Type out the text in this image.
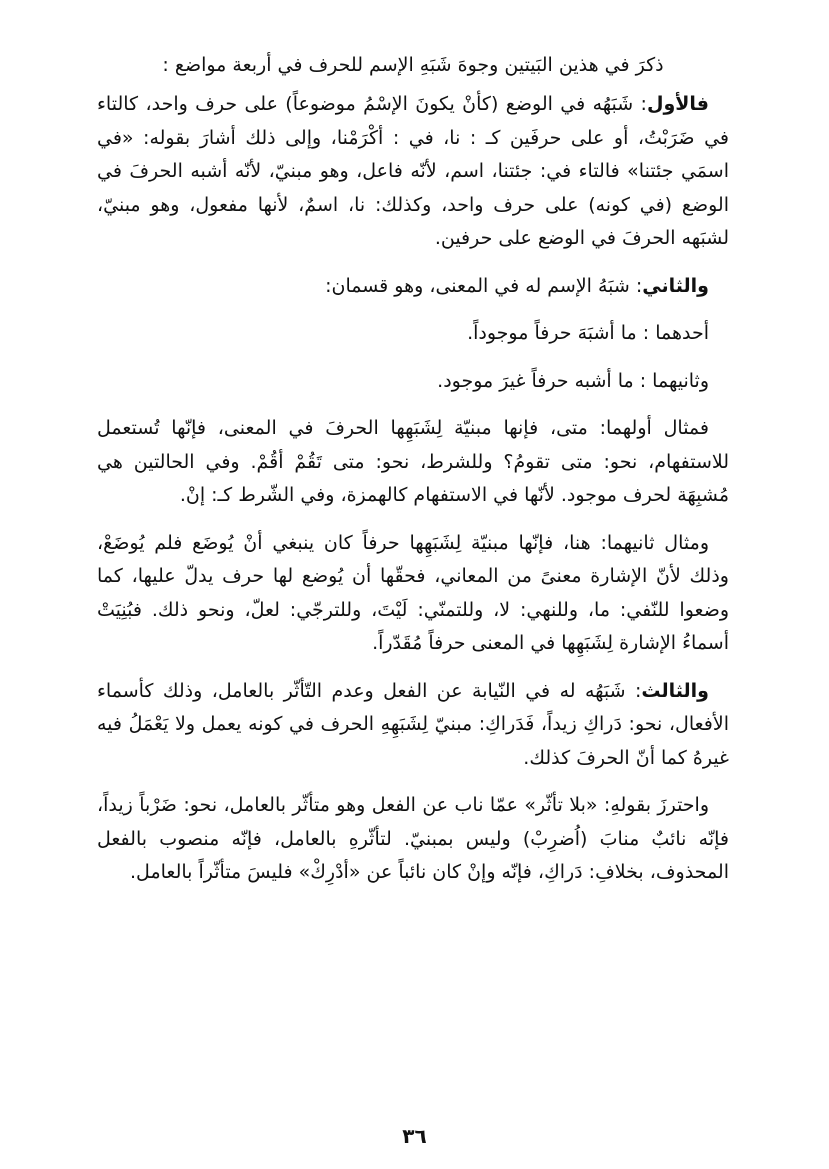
ذكرَ في هذين البَيتين وجوهَ شَبَهِ الإسم للحرف في أربعة مواضع :

فالأول: شَبَهُه في الوضع (كأنْ يكونَ الإسْمُ موضوعاً) على حرف واحد، كالتاء في ضَرَبْتُ، أو على حرفَين كـ : نا، في : أكْرَمْنا، وإلى ذلك أشارَ بقوله: «في اسمَي جئتنا» فالتاء في: جئتنا، اسم، لأنّه فاعل، وهو مبنيّ، لأنّه أشبه الحرفَ في الوضع (في كونه) على حرف واحد، وكذلك: نا، اسمٌ، لأنها مفعول، وهو مبنيّ، لشبَهه الحرفَ في الوضع على حرفين.

والثاني: شبَهُ الإسم له في المعنى، وهو قسمان:

أحدهما : ما أشبَهَ حرفاً موجوداً.

وثانيهما : ما أشبه حرفاً غيرَ موجود.

فمثال أولهما: متى، فإنها مبنيّة لِشَبَهِها الحرفَ في المعنى، فإنّها تُستعمل للاستفهام، نحو: متى تقومُ؟ وللشرط، نحو: متى تَقُمْ أقُمْ. وفي الحالتين هي مُشبِهَة لحرف موجود. لأنّها في الاستفهام كالهمزة، وفي الشّرط كـ: إنْ.

ومثال ثانيهما: هنا، فإنّها مبنيّة لِشَبَهِها حرفاً كان ينبغي أنْ يُوضَع فلم يُوضَعْ، وذلك لأنّ الإشارة معنىً من المعاني، فحقّها أن يُوضع لها حرف يدلّ عليها، كما وضعوا للنّفي: ما، وللنهي: لا، وللتمنّي: لَيْتَ، وللترجّي: لعلّ، ونحو ذلك. فبُنِيَتْ أسماءُ الإشارة لِشَبَهِها في المعنى حرفاً مُقَدّراً.

والثالث: شَبَهُه له في النّيابة عن الفعل وعدم التّأثّر بالعامل، وذلك كأسماء الأفعال، نحو: دَراكِ زيداً، فَدَراكِ: مبنيّ لِشَبَهِهِ الحرف في كونه يعمل ولا يَعْمَلُ فيه غيرهُ كما أنّ الحرفَ كذلك.

واحترزَ بقولهِ: «بلا تأثّر» عمّا ناب عن الفعل وهو متأثّر بالعامل، نحو: ضَرْباً زيداً، فإنّه نائبٌ منابَ (اُضرِبْ) وليس بمبنيّ. لتأثّرهِ بالعامل، فإنّه منصوب بالفعل المحذوف، بخلافِ: دَراكِ، فإنّه وإنْ كان نائباً عن «أدْرِكْ» فليسَ متأثّراً بالعامل.

٣٦
